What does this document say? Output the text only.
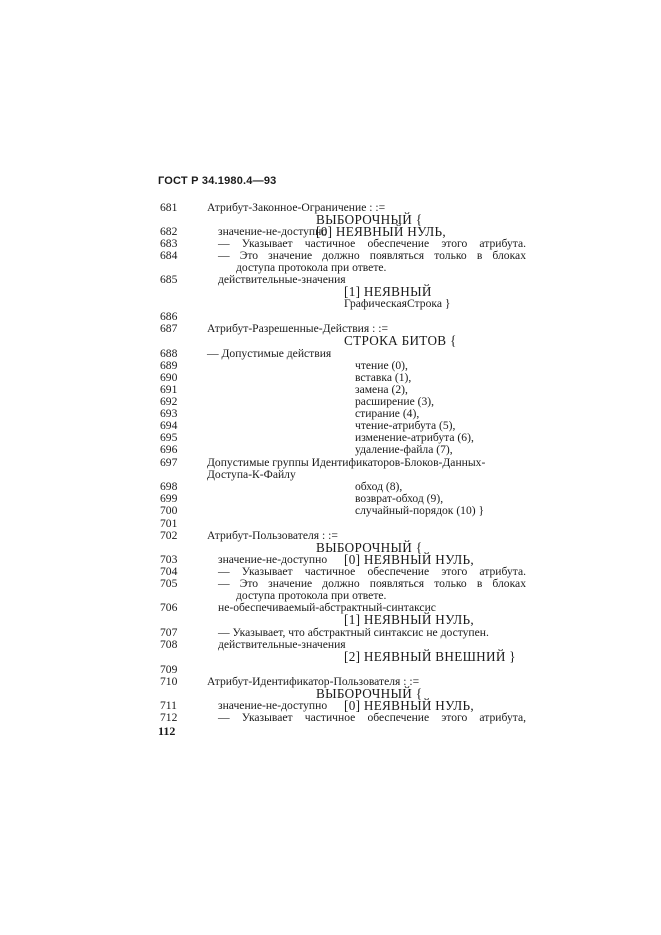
ГОСТ Р 34.1980.4—93
681	Атрибут-Законное-Ограничение : :=
ВЫБОРОЧНЫЙ {
682	значение-не-доступно
[0] НЕЯВНЫЙ НУЛЬ,
683	— Указывает частичное обеспечение этого атрибута.
684	— Это значение должно появляться только в блоках
доступа протокола при ответе.
685	действительные-значения
[1] НЕЯВНЫЙ
ГрафическаяСтрока }
686
687	Атрибут-Разрешенные-Действия : :=
СТРОКА БИТОВ {
688	— Допустимые действия
689	чтение (0),
690	вставка (1),
691	замена (2),
692	расширение (3),
693	стирание (4),
694	чтение-атрибута (5),
695	изменение-атрибута (6),
696	удаление-файла (7),
697	Допустимые группы Идентификаторов-Блоков-Данных-
Доступа-К-Файлу
698	обход (8),
699	возврат-обход (9),
700	случайный-порядок (10) }
701
702	Атрибут-Пользователя : :=
ВЫБОРОЧНЫЙ {
703	значение-не-доступно [0] НЕЯВНЫЙ НУЛЬ,
704	— Указывает частичное обеспечение этого атрибута.
705	— Это значение должно появляться только в блоках
доступа протокола при ответе.
706	не-обеспечиваемый-абстрактный-синтаксис
[1] НЕЯВНЫЙ НУЛЬ,
707	— Указывает, что абстрактный синтаксис не доступен.
708	действительные-значения
[2] НЕЯВНЫЙ ВНЕШНИЙ }
709
710	Атрибут-Идентификатор-Пользователя : :=
ВЫБОРОЧНЫЙ {
711	значение-не-доступно [0] НЕЯВНЫЙ НУЛЬ,
712	— Указывает частичное обеспечение этого атрибута,
112
